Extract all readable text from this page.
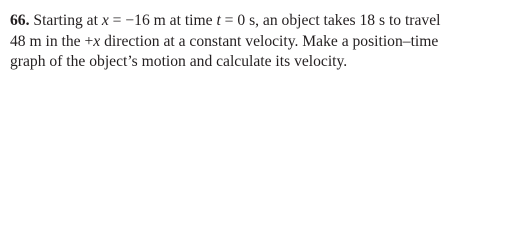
66. Starting at x = −16 m at time t = 0 s, an object takes 18 s to travel
48 m in the +x direction at a constant velocity. Make a position–time
graph of the object’s motion and calculate its velocity.
